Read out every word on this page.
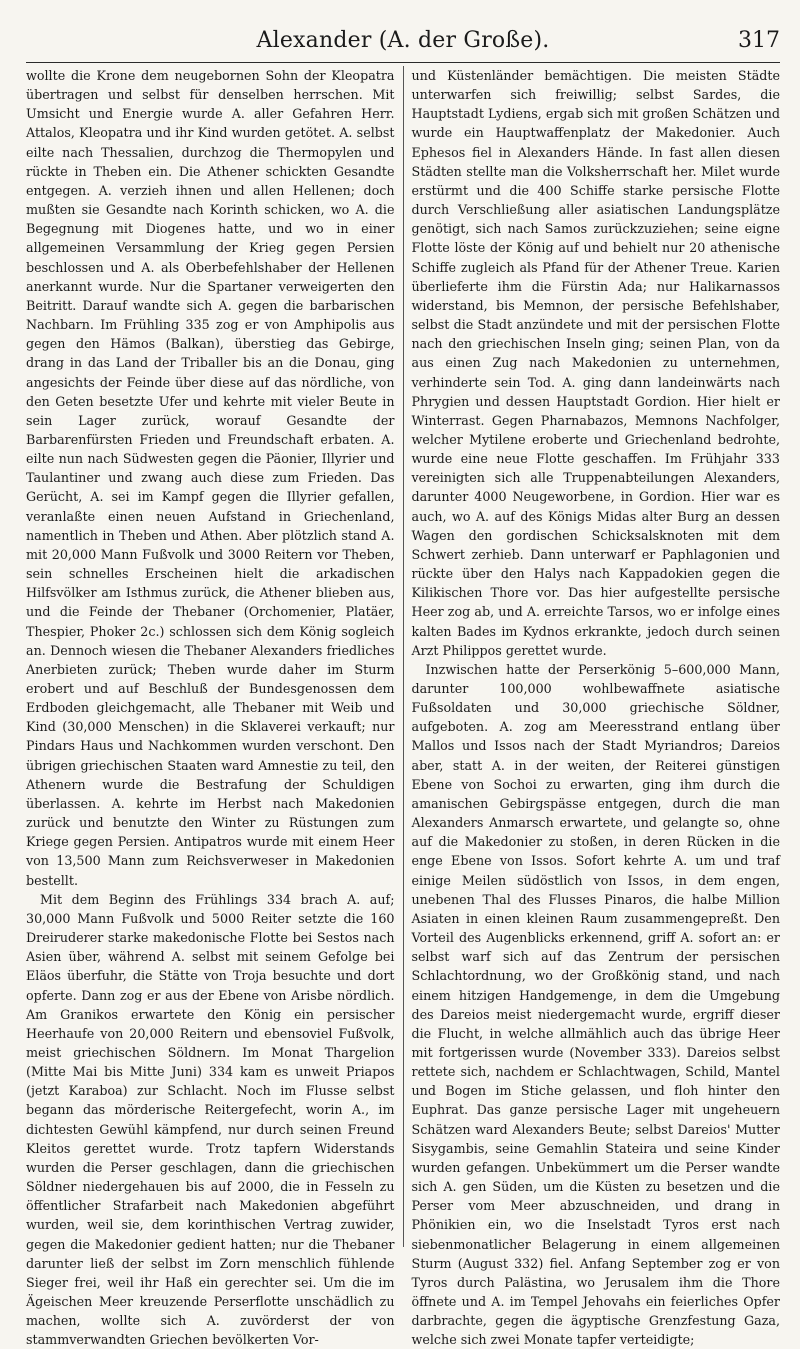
Alexander (A. der Große).	317

wollte die Krone dem neugebornen Sohn der Kleopatra übertragen und selbst für denselben herrschen. Mit Umsicht und Energie wurde A. aller Gefahren Herr. Attalos, Kleopatra und ihr Kind wurden getötet. A. selbst eilte nach Thessalien, durchzog die Thermopylen und rückte in Theben ein. Die Athener schickten Gesandte entgegen. A. verzieh ihnen und allen Hellenen; doch mußten sie Gesandte nach Korinth schicken, wo A. die Begegnung mit Diogenes hatte, und wo in einer allgemeinen Versammlung der Krieg gegen Persien beschlossen und A. als Oberbefehlshaber der Hellenen anerkannt wurde. Nur die Spartaner verweigerten den Beitritt. Darauf wandte sich A. gegen die barbarischen Nachbarn. Im Frühling 335 zog er von Amphipolis aus gegen den Hämos (Balkan), überstieg das Gebirge, drang in das Land der Triballer bis an die Donau, ging angesichts der Feinde über diese auf das nördliche, von den Geten besetzte Ufer und kehrte mit vieler Beute in sein Lager zurück, worauf Gesandte der Barbarenfürsten Frieden und Freundschaft erbaten. A. eilte nun nach Südwesten gegen die Päonier, Illyrier und Taulantiner und zwang auch diese zum Frieden. Das Gerücht, A. sei im Kampf gegen die Illyrier gefallen, veranlaßte einen neuen Aufstand in Griechenland, namentlich in Theben und Athen. Aber plötzlich stand A. mit 20,000 Mann Fußvolk und 3000 Reitern vor Theben, sein schnelles Erscheinen hielt die arkadischen Hilfsvölker am Isthmus zurück, die Athener blieben aus, und die Feinde der Thebaner (Orchomenier, Platäer, Thespier, Phoker 2c.) schlossen sich dem König sogleich an. Dennoch wiesen die Thebaner Alexanders friedliches Anerbieten zurück; Theben wurde daher im Sturm erobert und auf Beschluß der Bundesgenossen dem Erdboden gleichgemacht, alle Thebaner mit Weib und Kind (30,000 Menschen) in die Sklaverei verkauft; nur Pindars Haus und Nachkommen wurden verschont. Den übrigen griechischen Staaten ward Amnestie zu teil, den Athenern wurde die Bestrafung der Schuldigen überlassen. A. kehrte im Herbst nach Makedonien zurück und benutzte den Winter zu Rüstungen zum Kriege gegen Persien. Antipatros wurde mit einem Heer von 13,500 Mann zum Reichsverweser in Makedonien bestellt.

Mit dem Beginn des Frühlings 334 brach A. auf; 30,000 Mann Fußvolk und 5000 Reiter setzte die 160 Dreiruderer starke makedonische Flotte bei Sestos nach Asien über, während A. selbst mit seinem Gefolge bei Eläos überfuhr, die Stätte von Troja besuchte und dort opferte. Dann zog er aus der Ebene von Arisbe nördlich. Am Granikos erwartete den König ein persischer Heerhaufe von 20,000 Reitern und ebensoviel Fußvolk, meist griechischen Söldnern. Im Monat Thargelion (Mitte Mai bis Mitte Juni) 334 kam es unweit Priapos (jetzt Karaboa) zur Schlacht. Noch im Flusse selbst begann das mörderische Reitergefecht, worin A., im dichtesten Gewühl kämpfend, nur durch seinen Freund Kleitos gerettet wurde. Trotz tapfern Widerstands wurden die Perser geschlagen, dann die griechischen Söldner niedergehauen bis auf 2000, die in Fesseln zu öffentlicher Strafarbeit nach Makedonien abgeführt wurden, weil sie, dem korinthischen Vertrag zuwider, gegen die Makedonier gedient hatten; nur die Thebaner darunter ließ der selbst im Zorn menschlich fühlende Sieger frei, weil ihr Haß ein gerechter sei. Um die im Ägeischen Meer kreuzende Perserflotte unschädlich zu machen, wollte sich A. zuvörderst der von stammverwandten Griechen bevölkerten Vor-

und Küstenländer bemächtigen. Die meisten Städte unterwarfen sich freiwillig; selbst Sardes, die Hauptstadt Lydiens, ergab sich mit großen Schätzen und wurde ein Hauptwaffenplatz der Makedonier. Auch Ephesos fiel in Alexanders Hände. In fast allen diesen Städten stellte man die Volksherrschaft her. Milet wurde erstürmt und die 400 Schiffe starke persische Flotte durch Verschließung aller asiatischen Landungsplätze genötigt, sich nach Samos zurückzuziehen; seine eigne Flotte löste der König auf und behielt nur 20 athenische Schiffe zugleich als Pfand für der Athener Treue. Karien überlieferte ihm die Fürstin Ada; nur Halikarnassos widerstand, bis Memnon, der persische Befehlshaber, selbst die Stadt anzündete und mit der persischen Flotte nach den griechischen Inseln ging; seinen Plan, von da aus einen Zug nach Makedonien zu unternehmen, verhinderte sein Tod. A. ging dann landeinwärts nach Phrygien und dessen Hauptstadt Gordion. Hier hielt er Winterrast. Gegen Pharnabazos, Memnons Nachfolger, welcher Mytilene eroberte und Griechenland bedrohte, wurde eine neue Flotte geschaffen. Im Frühjahr 333 vereinigten sich alle Truppenabteilungen Alexanders, darunter 4000 Neugeworbene, in Gordion. Hier war es auch, wo A. auf des Königs Midas alter Burg an dessen Wagen den gordischen Schicksalsknoten mit dem Schwert zerhieb. Dann unterwarf er Paphlagonien und rückte über den Halys nach Kappadokien gegen die Kilikischen Thore vor. Das hier aufgestellte persische Heer zog ab, und A. erreichte Tarsos, wo er infolge eines kalten Bades im Kydnos erkrankte, jedoch durch seinen Arzt Philippos gerettet wurde.

Inzwischen hatte der Perserkönig 5–600,000 Mann, darunter 100,000 wohlbewaffnete asiatische Fußsoldaten und 30,000 griechische Söldner, aufgeboten. A. zog am Meeresstrand entlang über Mallos und Issos nach der Stadt Myriandros; Dareios aber, statt A. in der weiten, der Reiterei günstigen Ebene von Sochoi zu erwarten, ging ihm durch die amanischen Gebirgspässe entgegen, durch die man Alexanders Anmarsch erwartete, und gelangte so, ohne auf die Makedonier zu stoßen, in deren Rücken in die enge Ebene von Issos. Sofort kehrte A. um und traf einige Meilen südöstlich von Issos, in dem engen, unebenen Thal des Flusses Pinaros, die halbe Million Asiaten in einen kleinen Raum zusammengepreßt. Den Vorteil des Augenblicks erkennend, griff A. sofort an: er selbst warf sich auf das Zentrum der persischen Schlachtordnung, wo der Großkönig stand, und nach einem hitzigen Handgemenge, in dem die Umgebung des Dareios meist niedergemacht wurde, ergriff dieser die Flucht, in welche allmählich auch das übrige Heer mit fortgerissen wurde (November 333). Dareios selbst rettete sich, nachdem er Schlachtwagen, Schild, Mantel und Bogen im Stiche gelassen, und floh hinter den Euphrat. Das ganze persische Lager mit ungeheuern Schätzen ward Alexanders Beute; selbst Dareios' Mutter Sisygambis, seine Gemahlin Stateira und seine Kinder wurden gefangen. Unbekümmert um die Perser wandte sich A. gen Süden, um die Küsten zu besetzen und die Perser vom Meer abzuschneiden, und drang in Phönikien ein, wo die Inselstadt Tyros erst nach siebenmonatlicher Belagerung in einem allgemeinen Sturm (August 332) fiel. Anfang September zog er von Tyros durch Palästina, wo Jerusalem ihm die Thore öffnete und A. im Tempel Jehovahs ein feierliches Opfer darbrachte, gegen die ägyptische Grenzfestung Gaza, welche sich zwei Monate tapfer verteidigte;
